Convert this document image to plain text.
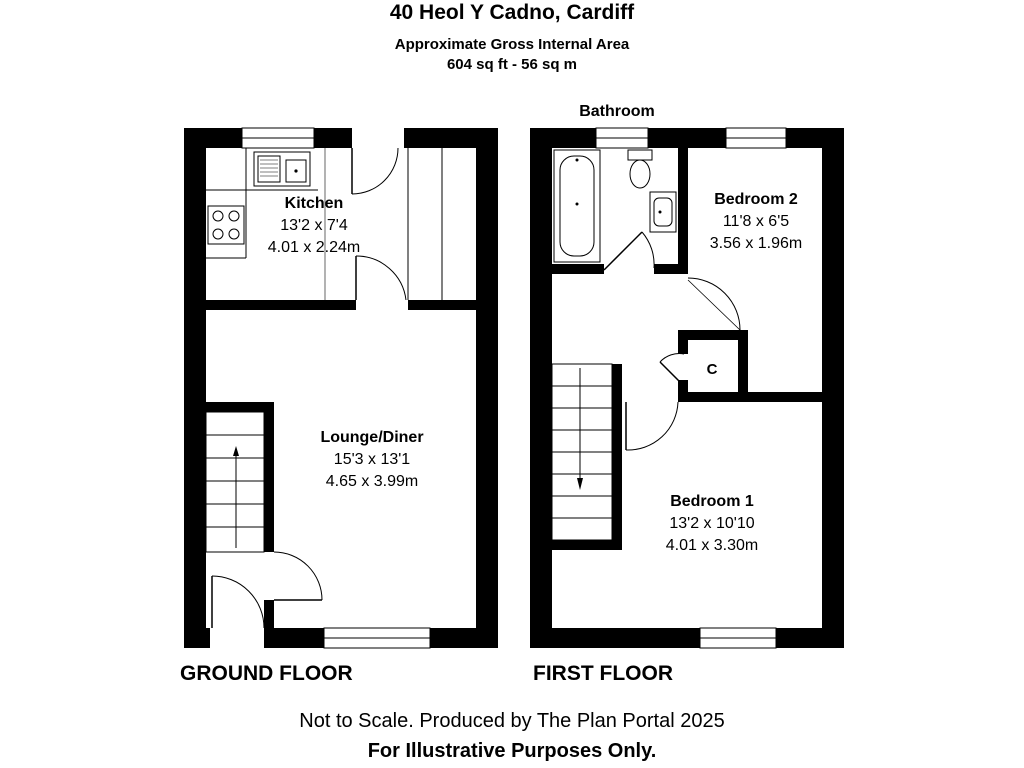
40 Heol Y Cadno, Cardiff
Approximate Gross Internal Area
604 sq ft - 56 sq m
Kitchen
13'2 x 7'4
4.01 x 2.24m
Lounge/Diner
15'3 x 13'1
4.65 x 3.99m
Bathroom
C
Bedroom 2
11'8 x 6'5
3.56 x 1.96m
Bedroom 1
13'2 x 10'10
4.01 x 3.30m
GROUND FLOOR	FIRST FLOOR
Not to Scale. Produced by The Plan Portal 2025
For Illustrative Purposes Only.
